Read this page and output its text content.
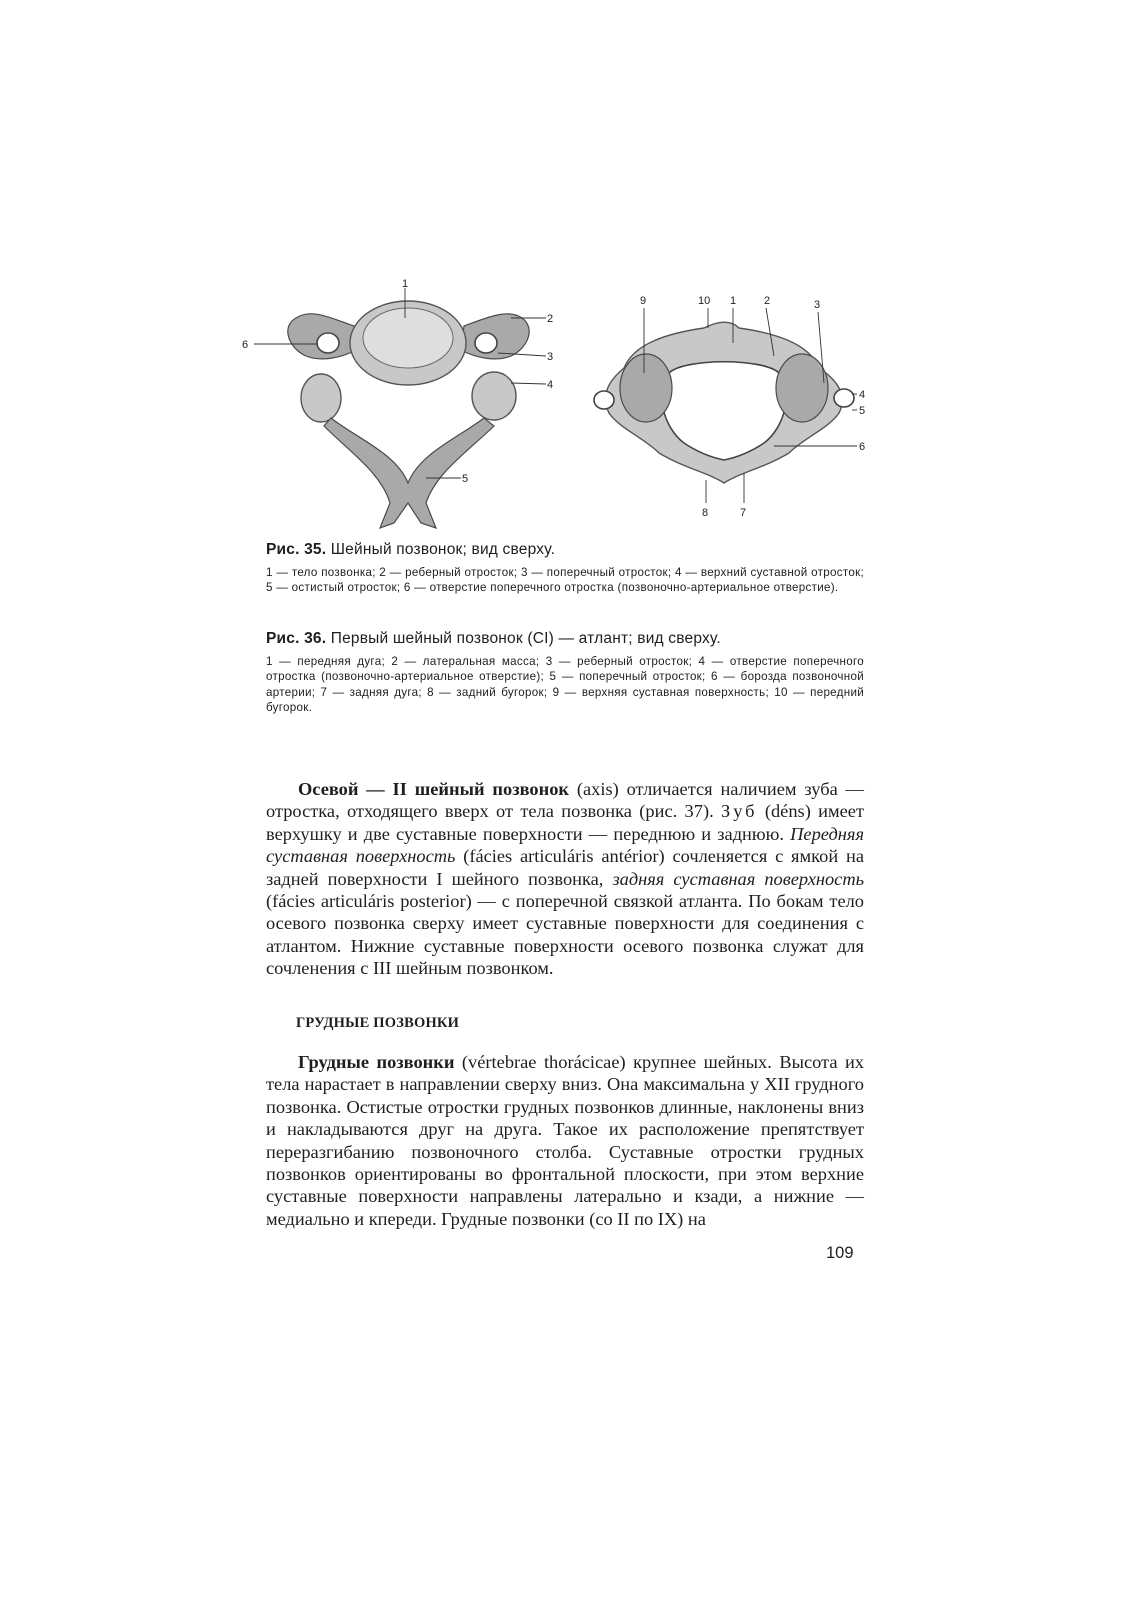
1
2
3
4
5
6
9	10 1	2	3
4
5
6
7
8
Рис. 35. Шейный позвонок; вид сверху.
1 — тело позвонка; 2 — реберный отросток; 3 — поперечный отросток; 4 — верхний суставной отросток; 5 — остистый отросток; 6 — отверстие поперечного отростка (позвоночно-артериальное отверстие).
Рис. 36. Первый шейный позвонок (CI) — атлант; вид сверху.
1 — передняя дуга; 2 — латеральная масса; 3 — реберный отросток; 4 — отверстие поперечного отростка (позвоночно-артериальное отверстие); 5 — поперечный отросток; 6 — борозда позвоночной артерии; 7 — задняя дуга; 8 — задний бугорок; 9 — верхняя суставная поверхность; 10 — передний бугорок.

Осевой — II шейный позвонок (axis) отличается наличием зуба — отростка, отходящего вверх от тела позвонка (рис. 37). Зуб (déns) имеет верхушку и две суставные поверхности — переднюю и заднюю. Передняя суставная поверхность (fácies articuláris antérior) сочленяется с ямкой на задней поверхности I шейного позвонка, задняя суставная поверхность (fácies articuláris posterior) — с поперечной связкой атланта. По бокам тело осевого позвонка сверху имеет суставные поверхности для соединения с атлантом. Нижние суставные поверхности осевого позвонка служат для сочленения с III шейным позвонком.

ГРУДНЫЕ ПОЗВОНКИ

Грудные позвонки (vértebrae thorácicae) крупнее шейных. Высота их тела нарастает в направлении сверху вниз. Она максимальна у XII грудного позвонка. Остистые отростки грудных позвонков длинные, наклонены вниз и накладываются друг на друга. Такое их расположение препятствует переразгибанию позвоночного столба. Суставные отростки грудных позвонков ориентированы во фронтальной плоскости, при этом верхние суставные поверхности направлены латерально и кзади, а нижние — медиально и кпереди. Грудные позвонки (со II по IX) на

109
